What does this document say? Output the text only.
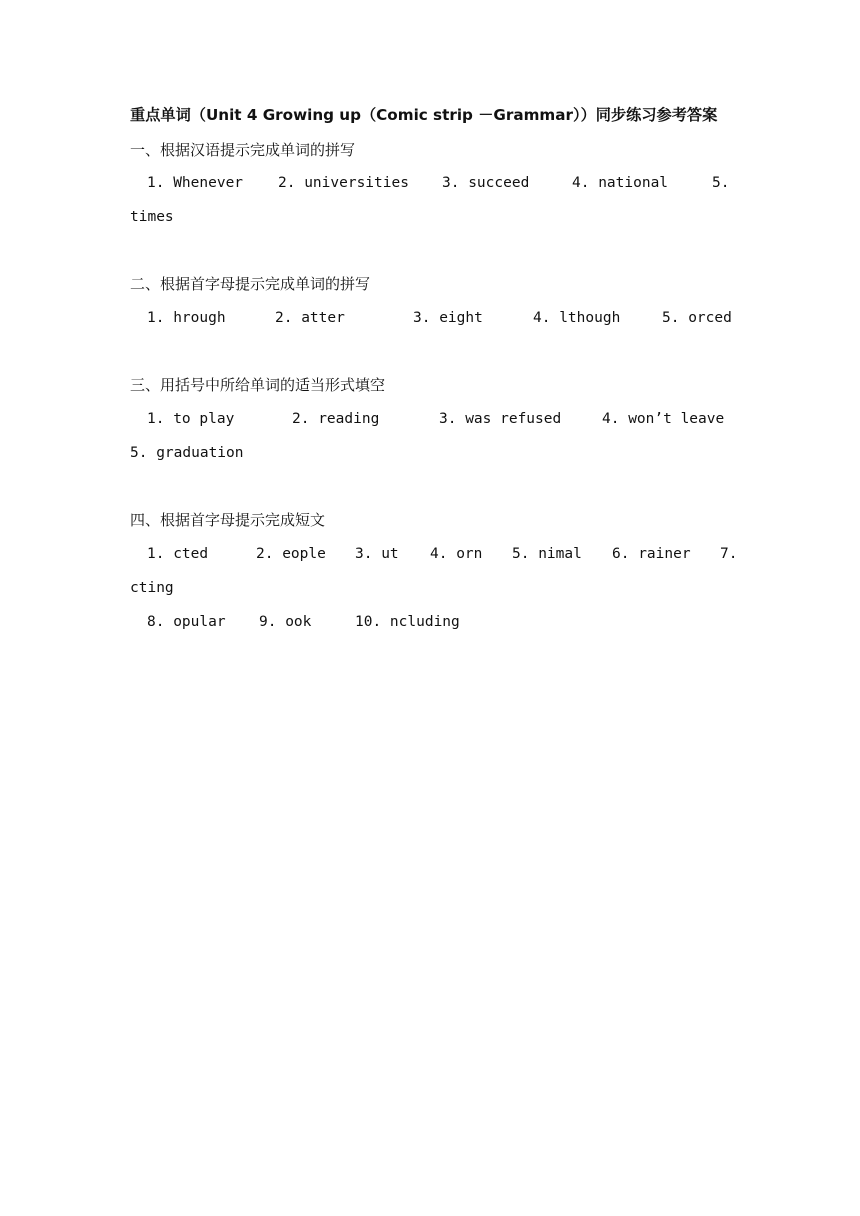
重点单词（Unit 4 Growing up（Comic strip －Grammar））同步练习参考答案
一、根据汉语提示完成单词的拼写

1. Whenever

2. universities

3. succeed

	4. national

	5.

times

二、根据首字母提示完成单词的拼写

1. hrough

	2. atter

	3. eight

	4. lthough

	5. orced

三、用括号中所给单词的适当形式填空

1. to play

	2. reading

	3. was refused

	4. won’t leave

5. graduation

四、根据首字母提示完成短文

1. cted

	2. eople

3. ut

4. orn

5. nimal

6. rainer

7.

cting

8. opular

9. ook

	10. ncluding
